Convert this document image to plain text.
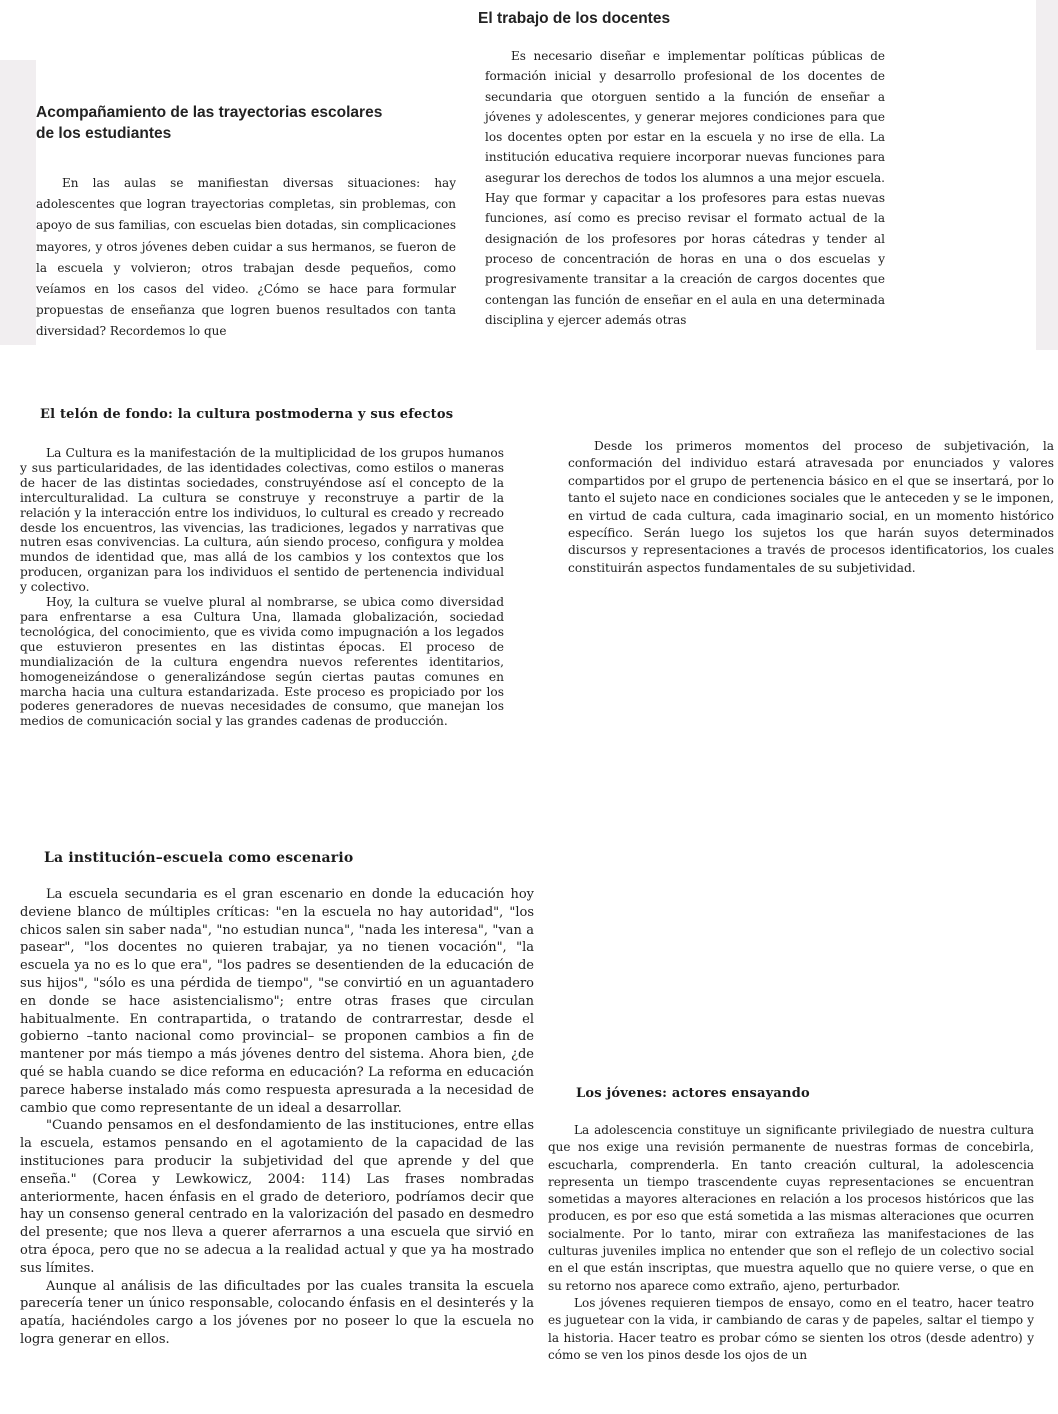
El trabajo de los docentes

Es necesario diseñar e implementar políticas públicas de formación inicial y desarrollo profesional de los docentes de secundaria que otorguen sentido a la función de enseñar a jóvenes y adolescentes, y generar mejores condiciones para que los docentes opten por estar en la escuela y no irse de ella. La institución educativa requiere incorporar nuevas funciones para asegurar los derechos de todos los alumnos a una mejor escuela. Hay que formar y capacitar a los profesores para estas nuevas funciones, así como es preciso revisar el formato actual de la designación de los profesores por horas cátedras y tender al proceso de concentración de horas en una o dos escuelas y progresivamente transitar a la creación de cargos docentes que contengan las función de enseñar en el aula en una determinada disciplina y ejercer además otras

Acompañamiento de las trayectorias escolares
de los estudiantes

En las aulas se manifiestan diversas situaciones: hay adolescentes que logran trayectorias completas, sin problemas, con apoyo de sus familias, con escuelas bien dotadas, sin complicaciones mayores, y otros jóvenes deben cuidar a sus hermanos, se fueron de la escuela y volvieron; otros trabajan desde pequeños, como veíamos en los casos del video. ¿Cómo se hace para formular propuestas de enseñanza que logren buenos resultados con tanta diversidad? Recordemos lo que

El telón de fondo: la cultura postmoderna y sus efectos

La Cultura es la manifestación de la multiplicidad de los grupos humanos y sus particularidades, de las identidades colectivas, como estilos o maneras de hacer de las distintas sociedades, construyéndose así el concepto de la interculturalidad. La cultura se construye y reconstruye a partir de la relación y la interacción entre los individuos, lo cultural es creado y recreado desde los encuentros, las vivencias, las tradiciones, legados y narrativas que nutren esas convivencias. La cultura, aún siendo proceso, configura y moldea mundos de identidad que, mas allá de los cambios y los contextos que los producen, organizan para los individuos el sentido de pertenencia individual y colectivo.

Hoy, la cultura se vuelve plural al nombrarse, se ubica como diversidad para enfrentarse a esa Cultura Una, llamada globalización, sociedad tecnológica, del conocimiento, que es vivida como impugnación a los legados que estuvieron presentes en las distintas épocas. El proceso de mundialización de la cultura engendra nuevos referentes identitarios, homogeneizándose o generalizándose según ciertas pautas comunes en marcha hacia una cultura estandarizada. Este proceso es propiciado por los poderes generadores de nuevas necesidades de consumo, que manejan los medios de comunicación social y las grandes cadenas de producción.

Desde los primeros momentos del proceso de subjetivación, la conformación del individuo estará atravesada por enunciados y valores compartidos por el grupo de pertenencia básico en el que se insertará, por lo tanto el sujeto nace en condiciones sociales que le anteceden y se le imponen, en virtud de cada cultura, cada imaginario social, en un momento histórico específico. Serán luego los sujetos los que harán suyos determinados discursos y representaciones a través de procesos identificatorios, los cuales constituirán aspectos fundamentales de su subjetividad.

La institución–escuela como escenario

La escuela secundaria es el gran escenario en donde la educación hoy deviene blanco de múltiples críticas: "en la escuela no hay autoridad", "los chicos salen sin saber nada", "no estudian nunca", "nada les interesa", "van a pasear", "los docentes no quieren trabajar, ya no tienen vocación", "la escuela ya no es lo que era", "los padres se desentienden de la educación de sus hijos", "sólo es una pérdida de tiempo", "se convirtió en un aguantadero en donde se hace asistencialismo"; entre otras frases que circulan habitualmente. En contrapartida, o tratando de contrarrestar, desde el gobierno –tanto nacional como provincial– se proponen cambios a fin de mantener por más tiempo a más jóvenes dentro del sistema. Ahora bien, ¿de qué se habla cuando se dice reforma en educación? La reforma en educación parece haberse instalado más como respuesta apresurada a la necesidad de cambio que como representante de un ideal a desarrollar.

"Cuando pensamos en el desfondamiento de las instituciones, entre ellas la escuela, estamos pensando en el agotamiento de la capacidad de las instituciones para producir la subjetividad del que aprende y del que enseña." (Corea y Lewkowicz, 2004: 114) Las frases nombradas anteriormente, hacen énfasis en el grado de deterioro, podríamos decir que hay un consenso general centrado en la valorización del pasado en desmedro del presente; que nos lleva a querer aferrarnos a una escuela que sirvió en otra época, pero que no se adecua a la realidad actual y que ya ha mostrado sus límites.

Aunque al análisis de las dificultades por las cuales transita la escuela parecería tener un único responsable, colocando énfasis en el desinterés y la apatía, haciéndoles cargo a los jóvenes por no poseer lo que la escuela no logra generar en ellos.

Los jóvenes: actores ensayando

La adolescencia constituye un significante privilegiado de nuestra cultura que nos exige una revisión permanente de nuestras formas de concebirla, escucharla, comprenderla. En tanto creación cultural, la adolescencia representa un tiempo trascendente cuyas representaciones se encuentran sometidas a mayores alteraciones en relación a los procesos históricos que las producen, es por eso que está sometida a las mismas alteraciones que ocurren socialmente. Por lo tanto, mirar con extrañeza las manifestaciones de las culturas juveniles implica no entender que son el reflejo de un colectivo social en el que están inscriptas, que muestra aquello que no quiere verse, o que en su retorno nos aparece como extraño, ajeno, perturbador.

Los jóvenes requieren tiempos de ensayo, como en el teatro, hacer teatro es juguetear con la vida, ir cambiando de caras y de papeles, saltar el tiempo y la historia. Hacer teatro es probar cómo se sienten los otros (desde adentro) y cómo se ven los pinos desde los ojos de un
